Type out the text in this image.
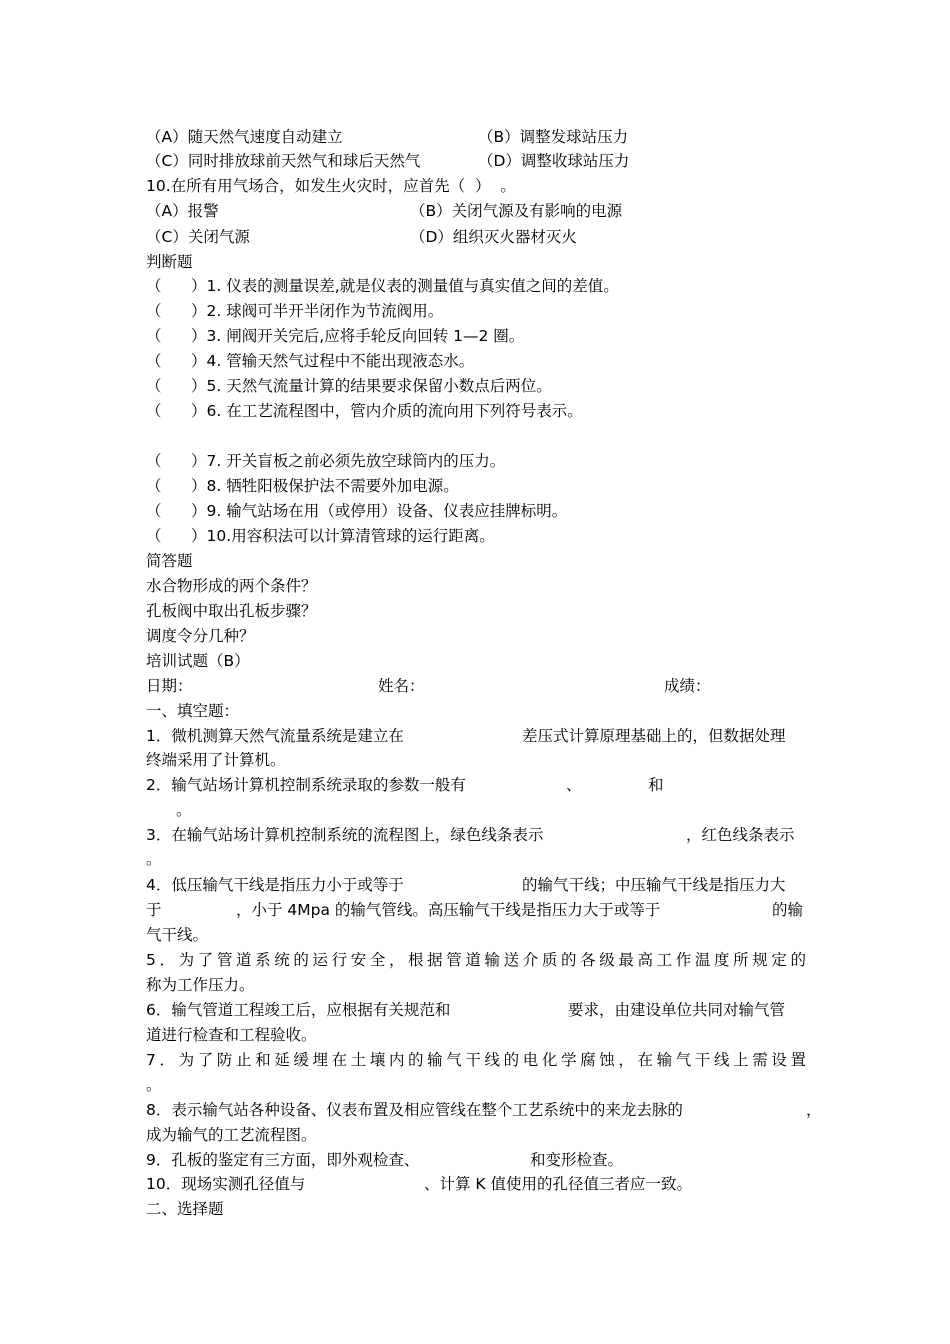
（A）随天然气速度自动建立	（B）调整发球站压力
（C）同时排放球前天然气和球后天然气	（D）调整收球站压力
10.在所有用气场合，如发生火灾时，应首先（  ）  。
（A）报警	（B）关闭气源及有影响的电源
（C）关闭气源	（D）组织灭火器材灭火
判断题
（      ）1. 仪表的测量误差,就是仪表的测量值与真实值之间的差值。
（      ）2. 球阀可半开半闭作为节流阀用。
（      ）3. 闸阀开关完后,应将手轮反向回转 1—2 圈。
（      ）4. 管输天然气过程中不能出现液态水。
（      ）5. 天然气流量计算的结果要求保留小数点后两位。
（      ）6. 在工艺流程图中，管内介质的流向用下列符号表示。
（      ）7. 开关盲板之前必须先放空球筒内的压力。
（      ）8. 牺牲阳极保护法不需要外加电源。
（      ）9. 输气站场在用（或停用）设备、仪表应挂牌标明。
（      ）10.用容积法可以计算清管球的运行距离。
简答题
水合物形成的两个条件？
孔板阀中取出孔板步骤？
调度令分几种？
培训试题（B）
日期：	姓名：	成绩：
一、填空题：
1．微机测算天然气流量系统是建立在	差压式计算原理基础上的，但数据处理
终端采用了计算机。
2．输气站场计算机控制系统录取的参数一般有	、	和
。
3．在输气站场计算机控制系统的流程图上，绿色线条表示	，红色线条表示
。
4．低压输气干线是指压力小于或等于	的输气干线；中压输气干线是指压力大
于	，小于 4Mpa 的输气管线。高压输气干线是指压力大于或等于	的输
气干线。
5．为了管道系统的运行安全，根据管道输送介质的各级最高工作温度所规定的
称为工作压力。
6．输气管道工程竣工后，应根据有关规范和	要求，由建设单位共同对输气管
道进行检查和工程验收。
7．为了防止和延缓埋在土壤内的输气干线的电化学腐蚀，在输气干线上需设置
。
8．表示输气站各种设备、仪表布置及相应管线在整个工艺系统中的来龙去脉的	，
成为输气的工艺流程图。
9．孔板的鉴定有三方面，即外观检查、	和变形检查。
10．现场实测孔径值与	、计算 K 值使用的孔径值三者应一致。
二、选择题
